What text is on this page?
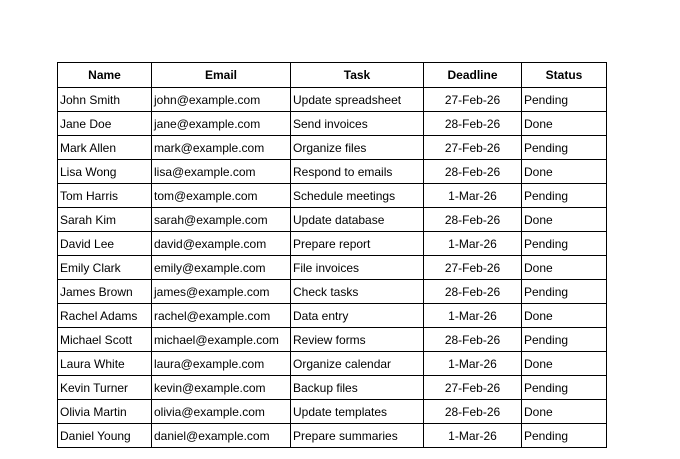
Name	Email	Task	Deadline	Status
John Smith	john@example.com	Update spreadsheet	27-Feb-26	Pending
Jane Doe	jane@example.com	Send invoices	28-Feb-26	Done
Mark Allen	mark@example.com	Organize files	27-Feb-26	Pending
Lisa Wong	lisa@example.com	Respond to emails	28-Feb-26	Done
Tom Harris	tom@example.com	Schedule meetings	1-Mar-26	Pending
Sarah Kim	sarah@example.com	Update database	28-Feb-26	Done
David Lee	david@example.com	Prepare report	1-Mar-26	Pending
Emily Clark	emily@example.com	File invoices	27-Feb-26	Done
James Brown	james@example.com	Check tasks	28-Feb-26	Pending
Rachel Adams	rachel@example.com	Data entry	1-Mar-26	Done
Michael Scott	michael@example.com	Review forms	28-Feb-26	Pending
Laura White	laura@example.com	Organize calendar	1-Mar-26	Done
Kevin Turner	kevin@example.com	Backup files	27-Feb-26	Pending
Olivia Martin	olivia@example.com	Update templates	28-Feb-26	Done
Daniel Young	daniel@example.com	Prepare summaries	1-Mar-26	Pending
